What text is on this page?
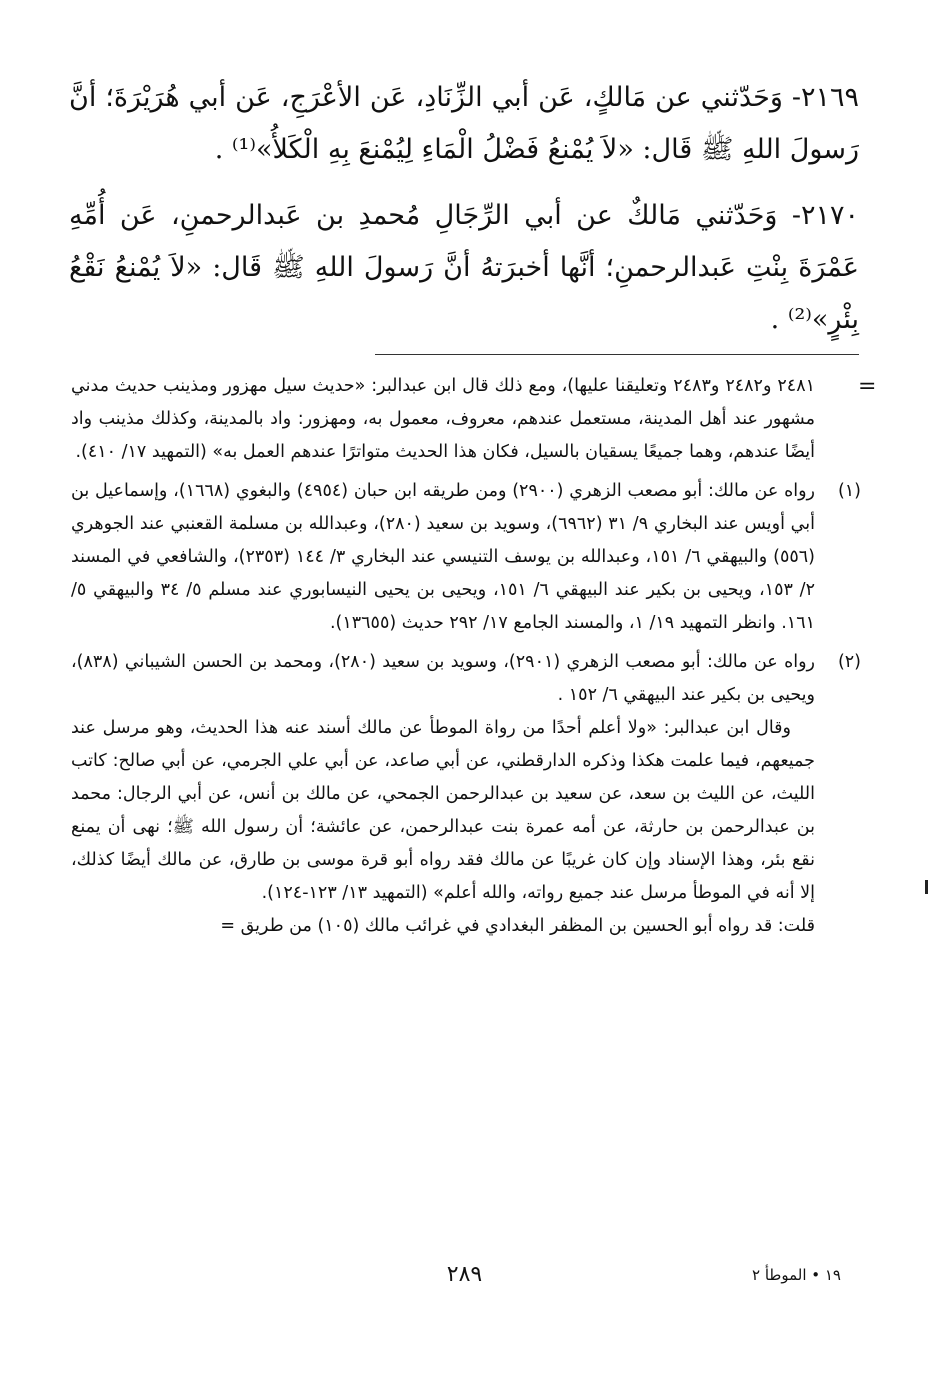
٢١٦٩- وَحَدّثني عن مَالكٍ، عَن أبي الزِّنَادِ، عَن الأعْرَجِ، عَن أبي هُرَيْرَةَ؛ أنَّ رَسولَ اللهِ ﷺ قَال: «لاَ يُمْنعُ فَضْلُ الْمَاءِ لِيُمْنعَ بِهِ الْكَلأُ»⁽¹⁾ .
٢١٧٠- وَحَدّثني مَالكٌ عن أبي الرِّجَالِ مُحمدِ بن عَبدالرحمنِ، عَن أُمِّهِ عَمْرَةَ بِنْتِ عَبدالرحمنِ؛ أنَّها أخبرَتهُ أنَّ رَسولَ اللهِ ﷺ قَال: «لاَ يُمْنعُ نَقْعُ بِئْرٍ»⁽²⁾ .
=

٢٤٨١ و٢٤٨٢ و٢٤٨٣ وتعليقنا عليها)، ومع ذلك قال ابن عبدالبر: «حديث سيل مهزور ومذينب حديث مدني مشهور عند أهل المدينة، مستعمل عندهم، معروف، معمول به، ومهزور: واد بالمدينة، وكذلك مذينب واد أيضًا عندهم، وهما جميعًا يسقيان بالسيل، فكان هذا الحديث متواترًا عندهم العمل به» (التمهيد ١٧/ ٤١٠).

(١)

رواه عن مالك: أبو مصعب الزهري (٢٩٠٠) ومن طريقه ابن حبان (٤٩٥٤) والبغوي (١٦٦٨)، وإسماعيل بن أبي أويس عند البخاري ٩/ ٣١ (٦٩٦٢)، وسويد بن سعيد (٢٨٠)، وعبدالله بن مسلمة القعنبي عند الجوهري (٥٥٦) والبيهقي ٦/ ١٥١، وعبدالله بن يوسف التنيسي عند البخاري ٣/ ١٤٤ (٢٣٥٣)، والشافعي في المسند ٢/ ١٥٣، ويحيى بن بكير عند البيهقي ٦/ ١٥١، ويحيى بن يحيى النيسابوري عند مسلم ٥/ ٣٤ والبيهقي ٥/ ١٦١. وانظر التمهيد ١٩/ ١، والمسند الجامع ١٧/ ٢٩٢ حديث (١٣٦٥٥).

(٢)

رواه عن مالك: أبو مصعب الزهري (٢٩٠١)، وسويد بن سعيد (٢٨٠)، ومحمد بن الحسن الشيباني (٨٣٨)، ويحيى بن بكير عند البيهقي ٦/ ١٥٢ .

وقال ابن عبدالبر: «ولا أعلم أحدًا من رواة الموطأ عن مالك أسند عنه هذا الحديث، وهو مرسل عند جميعهم، فيما علمت هكذا وذكره الدارقطني، عن أبي صاعد، عن أبي علي الجرمي، عن أبي صالح: كاتب الليث، عن الليث بن سعد، عن سعيد بن عبدالرحمن الجمحي، عن مالك بن أنس، عن أبي الرجال: محمد بن عبدالرحمن بن حارثة، عن أمه عمرة بنت عبدالرحمن، عن عائشة؛ أن رسول الله ﷺ؛ نهى أن يمنع نقع بئر، وهذا الإسناد وإن كان غريبًا عن مالك فقد رواه أبو قرة موسى بن طارق، عن مالك أيضًا كذلك، إلا أنه في الموطأ مرسل عند جميع رواته، والله أعلم» (التمهيد ١٣/ ١٢٣-١٢٤).

قلت: قد رواه أبو الحسين بن المظفر البغدادي في غرائب مالك (١٠٥) من طريق =

٢٨٩	١٩ • الموطأ ٢
